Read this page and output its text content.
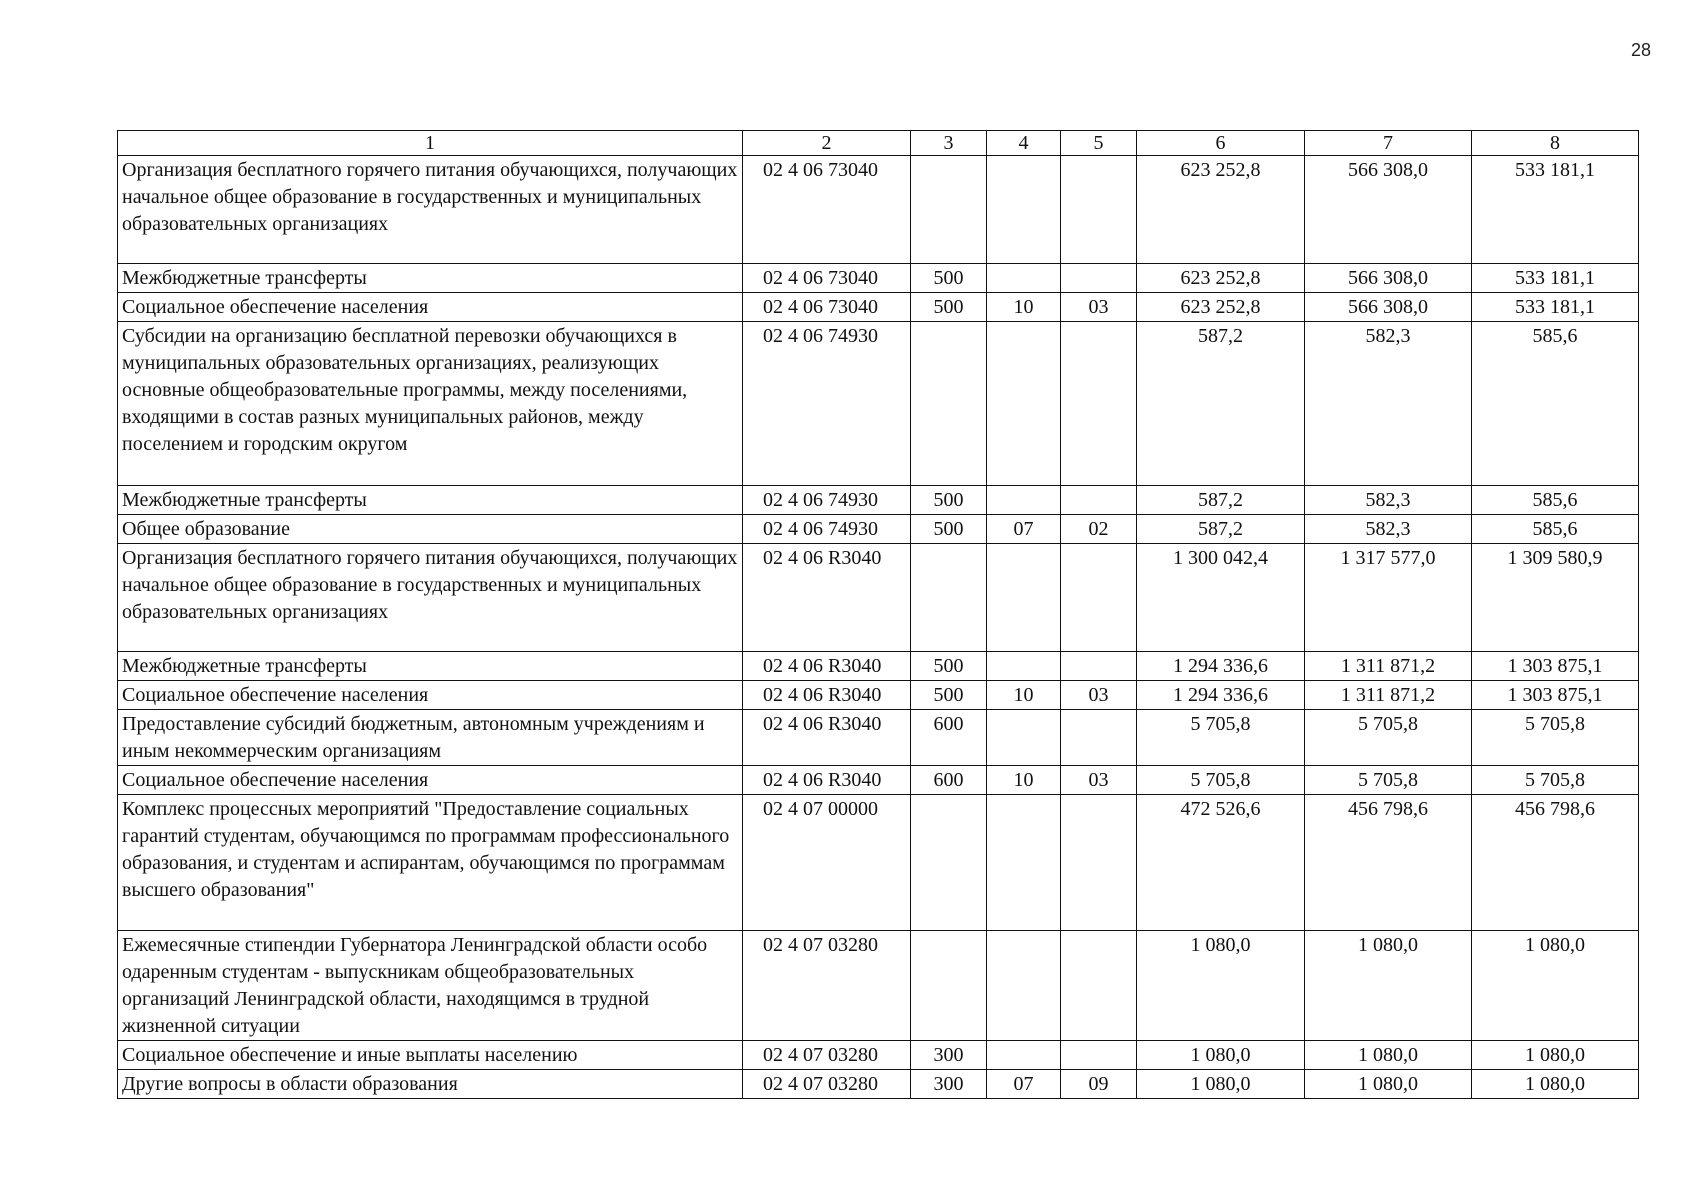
28
1	2	3	4	5	6	7	8
Организация бесплатного горячего питания обучающихся, получающих начальное общее образование в государственных и муниципальных образовательных организациях	02 4 06 73040				623 252,8	566 308,0	533 181,1
Межбюджетные трансферты	02 4 06 73040	500			623 252,8	566 308,0	533 181,1
Социальное обеспечение населения	02 4 06 73040	500	10	03	623 252,8	566 308,0	533 181,1
Субсидии на организацию бесплатной перевозки обучающихся в муниципальных образовательных организациях, реализующих основные общеобразовательные программы, между поселениями, входящими в состав разных муниципальных районов, между поселением и городским округом	02 4 06 74930				587,2	582,3	585,6
Межбюджетные трансферты	02 4 06 74930	500			587,2	582,3	585,6
Общее образование	02 4 06 74930	500	07	02	587,2	582,3	585,6
Организация бесплатного горячего питания обучающихся, получающих начальное общее образование в государственных и муниципальных образовательных организациях	02 4 06 R3040				1 300 042,4	1 317 577,0	1 309 580,9
Межбюджетные трансферты	02 4 06 R3040	500			1 294 336,6	1 311 871,2	1 303 875,1
Социальное обеспечение населения	02 4 06 R3040	500	10	03	1 294 336,6	1 311 871,2	1 303 875,1
Предоставление субсидий бюджетным, автономным учреждениям и иным некоммерческим организациям	02 4 06 R3040	600			5 705,8	5 705,8	5 705,8
Социальное обеспечение населения	02 4 06 R3040	600	10	03	5 705,8	5 705,8	5 705,8
Комплекс процессных мероприятий "Предоставление социальных гарантий студентам, обучающимся по программам профессионального образования, и студентам и аспирантам, обучающимся по программам высшего образования"	02 4 07 00000				472 526,6	456 798,6	456 798,6
Ежемесячные стипендии Губернатора Ленинградской области особо одаренным студентам - выпускникам общеобразовательных организаций Ленинградской области, находящимся в трудной жизненной ситуации	02 4 07 03280				1 080,0	1 080,0	1 080,0
Социальное обеспечение и иные выплаты населению	02 4 07 03280	300			1 080,0	1 080,0	1 080,0
Другие вопросы в области образования	02 4 07 03280	300	07	09	1 080,0	1 080,0	1 080,0
